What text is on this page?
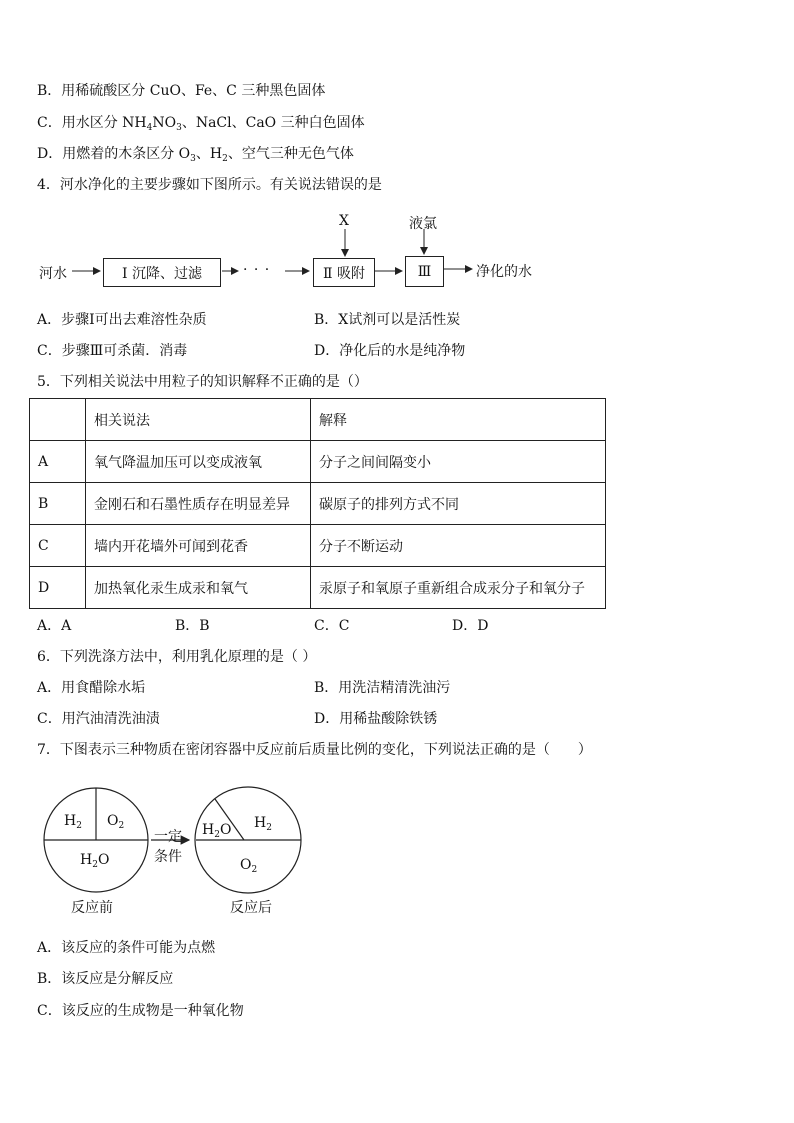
B．用稀硫酸区分 CuO、Fe、C 三种黑色固体
C．用水区分 $NH_4NO_3$、NaCl、CaO 三种白色固体
D．用燃着的木条区分 $O_3$、$H_2$、空气三种无色气体
4．河水净化的主要步骤如下图所示。有关说法错误的是
河水	Ⅰ 沉降、过滤	· · ·	Ⅱ 吸附	Ⅲ
X	液氯
净化的水
A．步骤Ⅰ可出去难溶性杂质	B．X试剂可以是活性炭
C．步骤Ⅲ可杀菌．消毒	D．净化后的水是纯净物
5．下列相关说法中用粒子的知识解释不正确的是（）
	相关说法	解释
A	氧气降温加压可以变成液氧	分子之间间隔变小
B	金刚石和石墨性质存在明显差异	碳原子的排列方式不同
C	墙内开花墙外可闻到花香	分子不断运动
D	加热氧化汞生成汞和氧气	汞原子和氧原子重新组合成汞分子和氧分子
A．A	B．B	C．C	D．D
6．下列洗涤方法中，利用乳化原理的是（ ）
A．用食醋除水垢	B．用洗洁精清洗油污
C．用汽油清洗油渍	D．用稀盐酸除铁锈
7．下图表示三种物质在密闭容器中反应前后质量比例的变化，下列说法正确的是（　　）
$H_2$ $O_2$
$H_2O$
一定
条件
$H_2O$ $H_2$
$O_2$
反应前	反应后
A．该反应的条件可能为点燃
B．该反应是分解反应
C．该反应的生成物是一种氧化物
